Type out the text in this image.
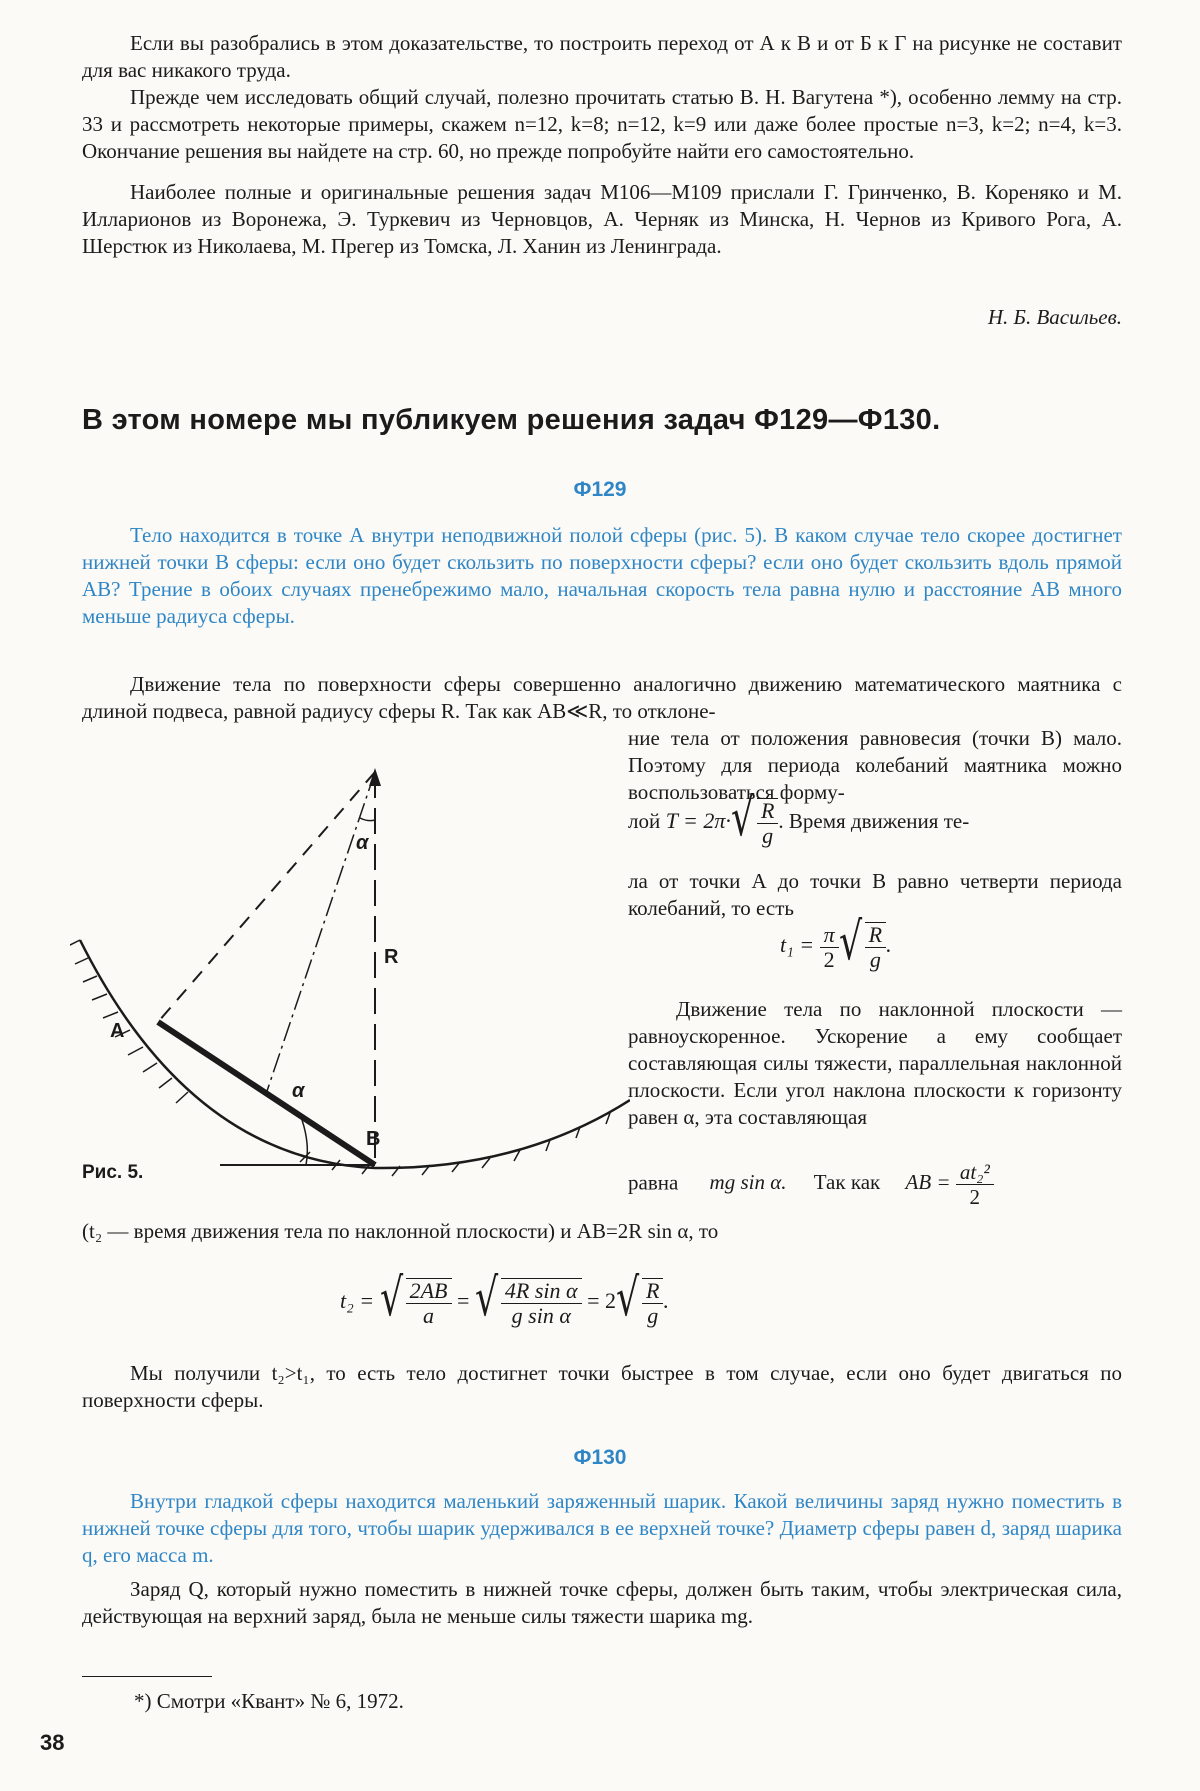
Если вы разобрались в этом доказательстве, то построить переход от А к В и от Б к Г на рисунке не составит для вас никакого труда.

Прежде чем исследовать общий случай, полезно прочитать статью В. Н. Вагутена *), особенно лемму на стр. 33 и рассмотреть некоторые примеры, скажем n=12, k=8; n=12, k=9 или даже более простые n=3, k=2; n=4, k=3. Окончание решения вы найдете на стр. 60, но прежде попробуйте найти его самостоятельно.

Наиболее полные и оригинальные решения задач М106—М109 прислали Г. Гринченко, В. Кореняко и М. Илларионов из Воронежа, Э. Туркевич из Черновцов, А. Черняк из Минска, Н. Чернов из Кривого Рога, А. Шерстюк из Николаева, М. Прегер из Томска, Л. Ханин из Ленинграда.

Н. Б. Васильев.
В этом номере мы публикуем решения задач Ф129—Ф130.
Ф129

Тело находится в точке А внутри неподвижной полой сферы (рис. 5). В каком случае тело скорее достигнет нижней точки В сферы: если оно будет скользить по поверхности сферы? если оно будет скользить вдоль прямой АВ? Трение в обоих случаях пренебрежимо мало, начальная скорость тела равна нулю и расстояние АВ много меньше радиуса сферы.

Движение тела по поверхности сферы совершенно аналогично движению математического маятника с длиной подвеса, равной радиусу сферы R. Так как AB≪R, то отклоне-

ние тела от положения равновесия (точки В) мало. Поэтому для периода колебаний маятника можно воспользоваться форму-

лой T = 2π· √ $\frac{R}{g}$ . Время движения те-

ла от точки А до точки В равно четверти периода колебаний, то есть

$t_1 = \frac{\pi}{2}$ √ $\frac{R}{g}$ .

Движение тела по наклонной плоскости — равноускоренное. Ускорение a ему сообщает составляющая силы тяжести, параллельная наклонной плоскости. Если угол наклона плоскости к горизонту равен α, эта составляющая

равна mg sin α. Так как AB = $\frac{\text{at₂²}}{2}$

(t₂ — время движения тела по наклонной плоскости) и AB=2R sin α, то

t₂ = √ $\frac{2AB}{a}$ = √ $\frac{\text{4R sin α}}{\text{g sin α}} = 2$ √ $\frac{R}{g}$ .

Мы получили t₂>t₁, то есть тело достигнет точки быстрее в том случае, если оно будет двигаться по поверхности сферы.

α
R
A
α
B
Рис. 5.
Ф130

Внутри гладкой сферы находится маленький заряженный шарик. Какой величины заряд нужно поместить в нижней точке сферы для того, чтобы шарик удерживался в ее верхней точке? Диаметр сферы равен d, заряд шарика q, его масса m.

Заряд Q, который нужно поместить в нижней точке сферы, должен быть таким, чтобы электрическая сила, действующая на верхний заряд, была не меньше силы тяжести шарика mg.

*) Смотри «Квант» № 6, 1972.
38
